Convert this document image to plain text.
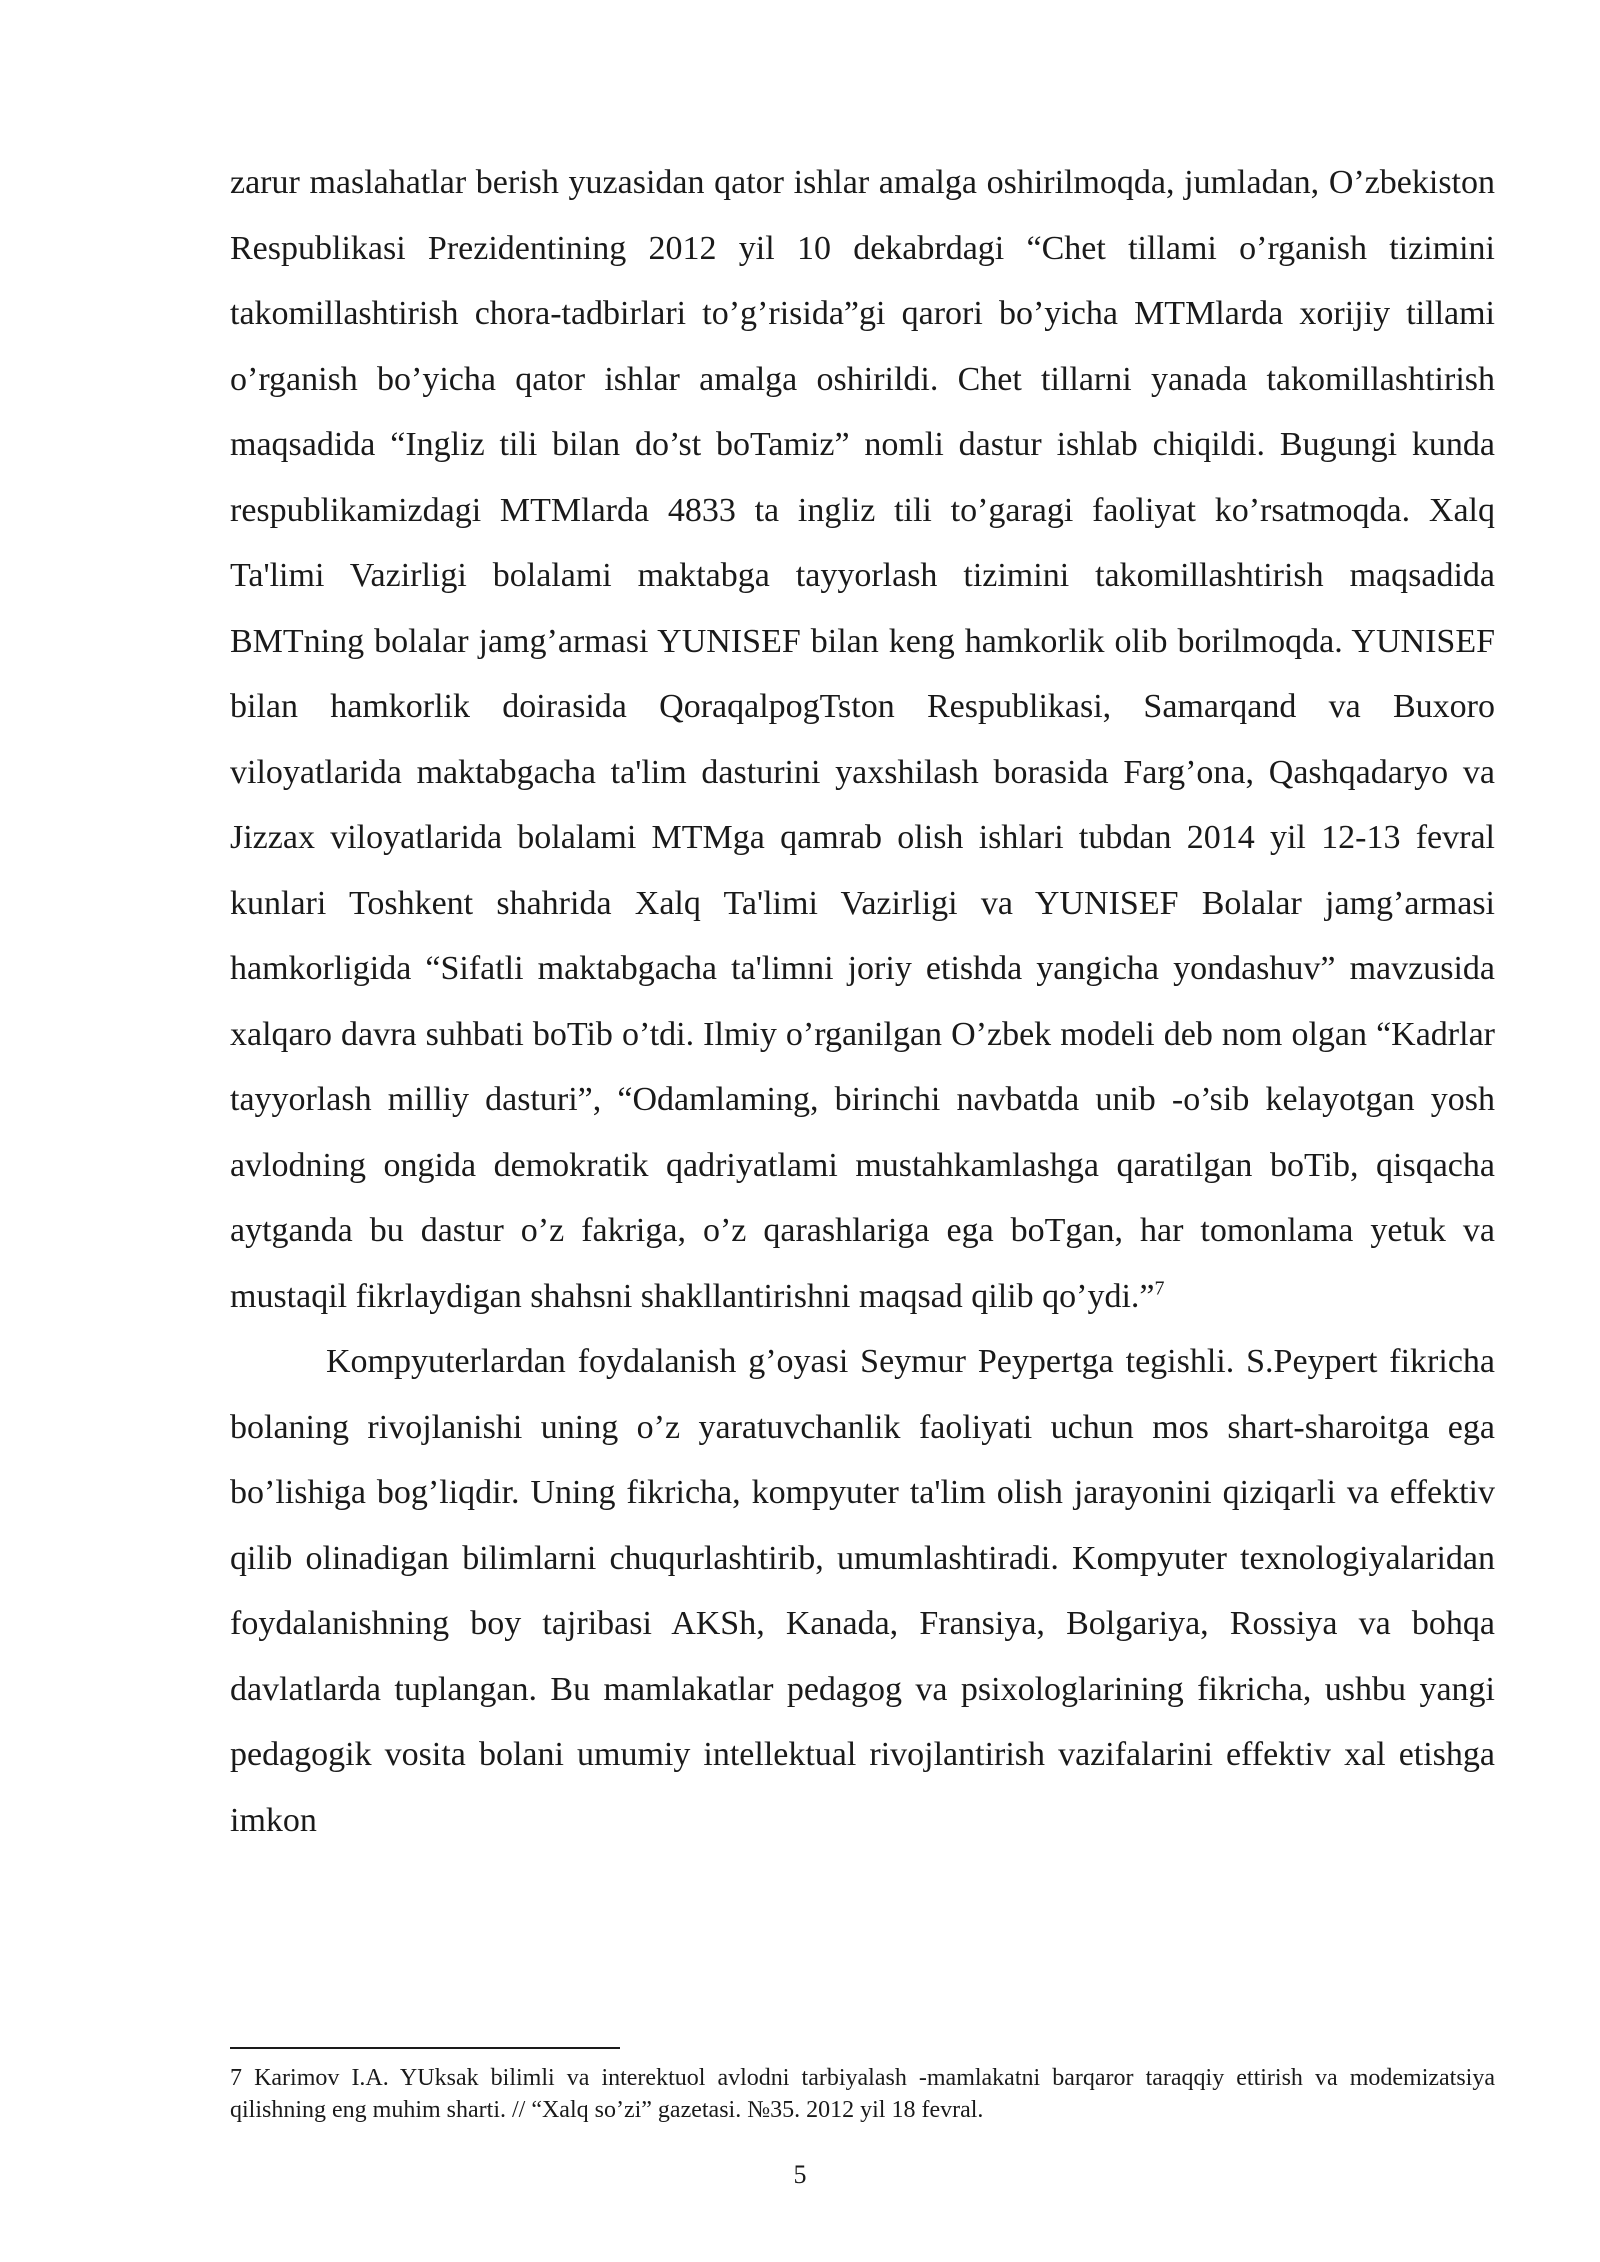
zarur maslahatlar berish yuzasidan qator ishlar amalga oshirilmoqda, jumladan, O’zbekiston Respublikasi Prezidentining 2012 yil 10 dekabrdagi “Chet tillami o’rganish tizimini takomillashtirish chora-tadbirlari to’g’risida”gi qarori bo’yicha MTMlarda xorijiy tillami o’rganish bo’yicha qator ishlar amalga oshirildi. Chet tillarni yanada takomillashtirish maqsadida “Ingliz tili bilan do’st boTamiz” nomli dastur ishlab chiqildi. Bugungi kunda respublikamizdagi MTMlarda 4833 ta ingliz tili to’garagi faoliyat ko’rsatmoqda. Xalq Ta'limi Vazirligi bolalami maktabga tayyorlash tizimini takomillashtirish maqsadida BMTning bolalar jamg’armasi YUNISEF bilan keng hamkorlik olib borilmoqda. YUNISEF bilan hamkorlik doirasida QoraqalpogTston Respublikasi, Samarqand va Buxoro viloyatlarida maktabgacha ta'lim dasturini yaxshilash borasida Farg’ona, Qashqadaryo va Jizzax viloyatlarida bolalami MTMga qamrab olish ishlari tubdan 2014 yil 12-13 fevral kunlari Toshkent shahrida Xalq Ta'limi Vazirligi va YUNISEF Bolalar jamg’armasi hamkorligida “Sifatli maktabgacha ta'limni joriy etishda yangicha yondashuv” mavzusida xalqaro davra suhbati boTib o’tdi. Ilmiy o’rganilgan O’zbek modeli deb nom olgan “Kadrlar tayyorlash milliy dasturi”, “Odamlaming, birinchi navbatda unib -o’sib kelayotgan yosh avlodning ongida demokratik qadriyatlami mustahkamlashga qaratilgan boTib, qisqacha aytganda bu dastur o’z fakriga, o’z qarashlariga ega boTgan, har tomonlama yetuk va mustaqil fikrlaydigan shahsni shakllantirishni maqsad qilib qo’ydi.”$^7$

Kompyuterlardan foydalanish g’oyasi Seymur Peypertga tegishli. S.Peypert fikricha bolaning rivojlanishi uning o’z yaratuvchanlik faoliyati uchun mos shart-sharoitga ega bo’lishiga bog’liqdir. Uning fikricha, kompyuter ta'lim olish jarayonini qiziqarli va effektiv qilib olinadigan bilimlarni chuqurlashtirib, umumlashtiradi. Kompyuter texnologiyalaridan foydalanishning boy tajribasi AKSh, Kanada, Fransiya, Bolgariya, Rossiya va bohqa davlatlarda tuplangan. Bu mamlakatlar pedagog va psixologlarining fikricha, ushbu yangi pedagogik vosita bolani umumiy intellektual rivojlantirish vazifalarini effektiv xal etishga imkon

7 Karimov I.A. YUksak bilimli va interektuol avlodni tarbiyalash -mamlakatni barqaror taraqqiy ettirish va modemizatsiya qilishning eng muhim sharti. // “Xalq so’zi” gazetasi. №35. 2012 yil 18 fevral.

5
